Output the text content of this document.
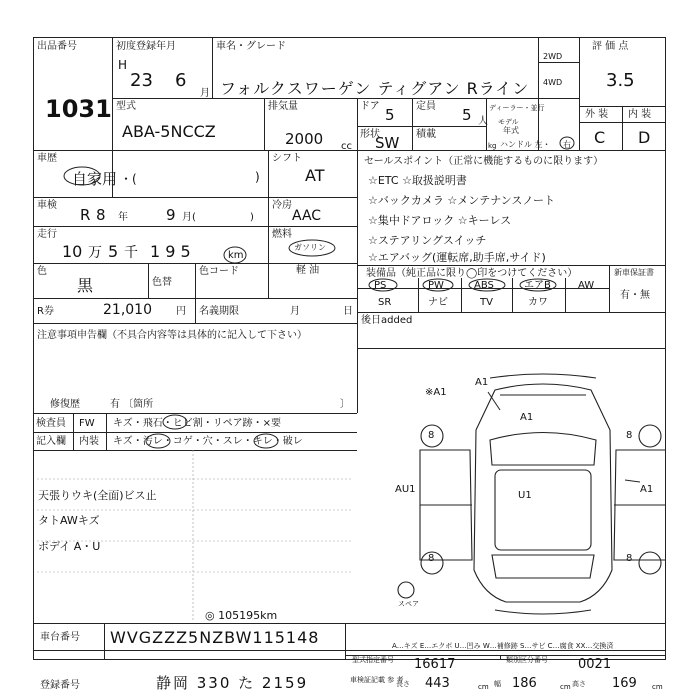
出品番号
1031
初度登録年月
H
23 6
月
車名・グレード
フォルクスワーゲン ティグアン Rライン
2WD
4WD
評 価 点
3.5
型式
ABA-5NCCZ
排気量
2000 cc
ドア 5 定員 5 人
ディーラー・並行
モデル
年式
形状
SW 積載
kg ハンドル 左・ 右
外 装 内 装
C D
車歴
自家用 ・(	)
シフト
AT
車検
R 8 年	9 月(	)
冷房
AAC
走行
10 万 5 千 1 9 5	km
燃料
ガソリン
軽 油
色
黒	色替
色コード
R券	21,010 円 名義期限	月	日
注意事項申告欄（不具合内容等は具体的に記入して下さい）
修復歴	有 〔箇所	〕
検査員
記入欄
FW
内装
キズ・飛石・ヒビ割・リペア跡・×要
キズ・汚レ・コゲ・穴・スレ・キレ・破レ
天張りウキ(全面)ビス止
タトAWキズ
ボデイ A・U
◎ 105195km
セールスポイント（正常に機能するものに限ります）
☆ETC ☆取扱説明書
☆バックカメラ ☆メンテナンスノート
☆集中ドアロック ☆キーレス
☆ステアリングスイッチ
☆エアバッグ(運転席,助手席,サイド)
装備品（純正品に限り◯印をつけてください）
PS	PW	ABS	エアB	AW
SR	ナビ	TV	カワ
新車保証書
有・無
後日added
A1
※A1
A1
8	8
AU1
U1
A1
8	8
スペア
A…キズ E…エクボ U…凹み W…補修跡 S…サビ C…腐食 XX…交換済
車台番号 WVGZZZ5NZBW115148
登録番号	静岡 330 た 2159
型式指定番号 16617	類別区分番号 0021
車検証記載 参 考
長さ 443	cm 幅 186	cm 高さ 169 cm
